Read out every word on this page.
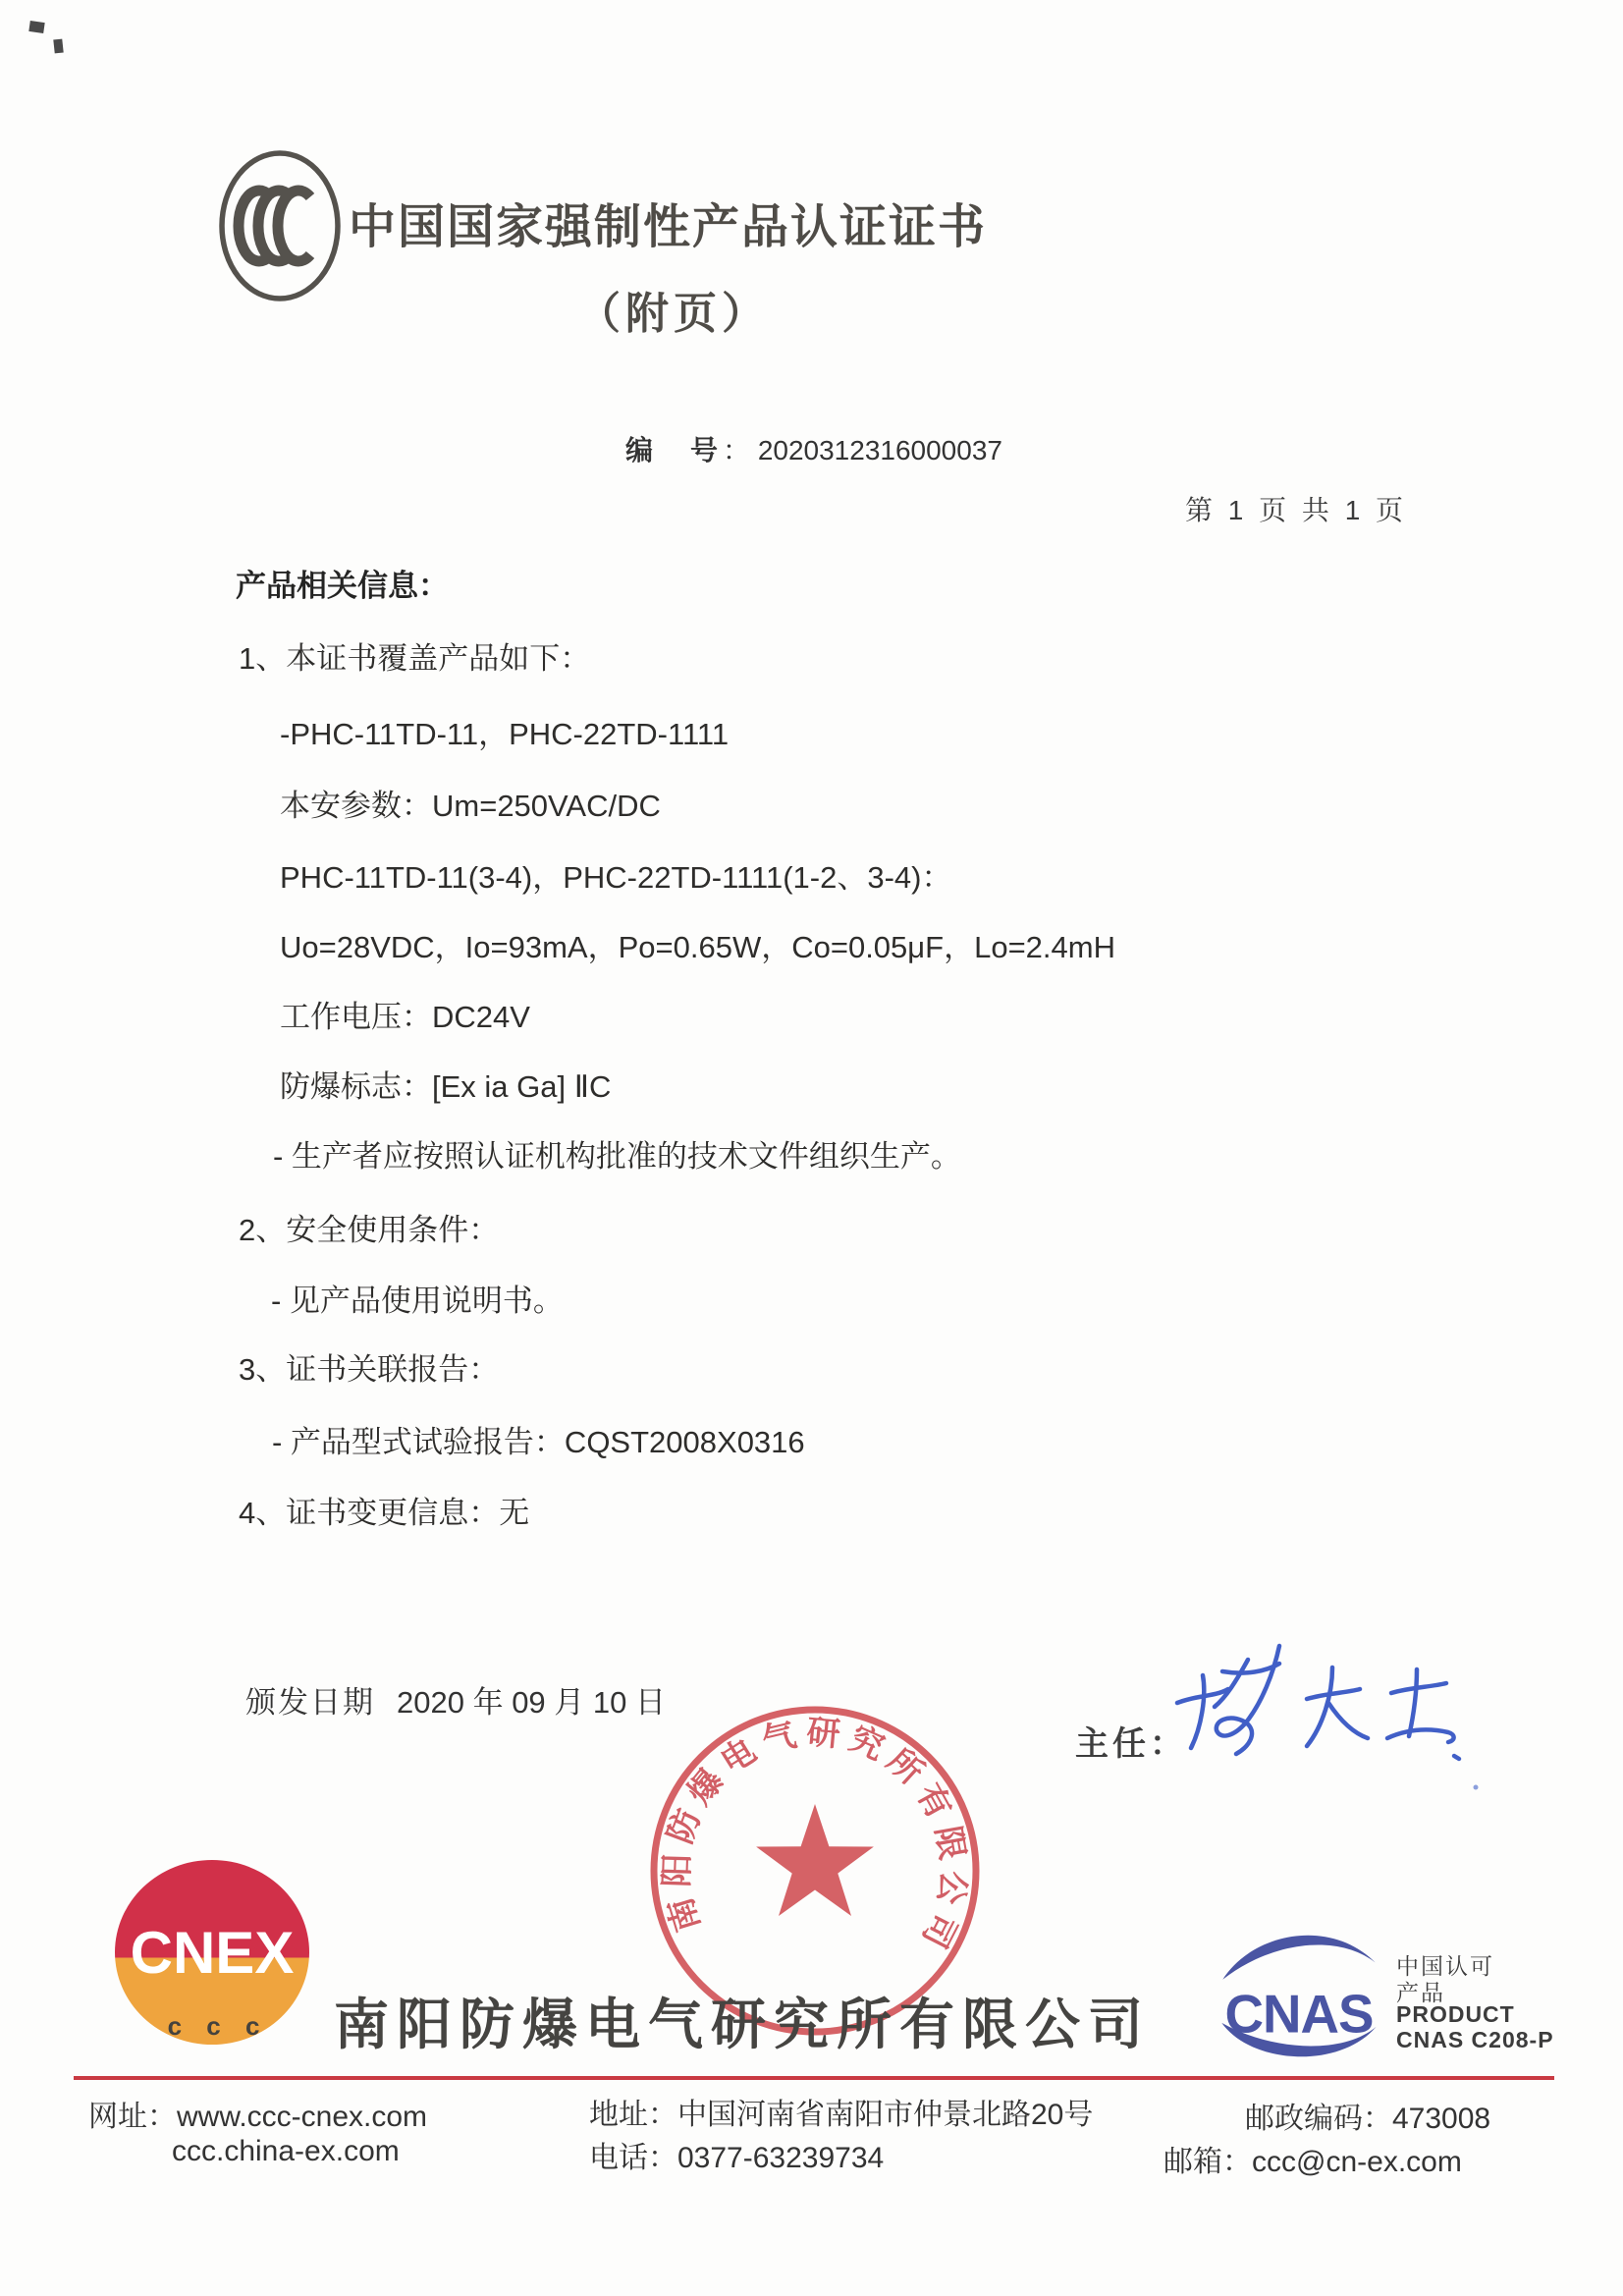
中国国家强制性产品认证证书
（附页）
编　号： 2020312316000037
第 1 页 共 1 页
产品相关信息：
1、本证书覆盖产品如下：
-PHC-11TD-11，PHC-22TD-1111
本安参数：Um=250VAC/DC
PHC-11TD-11(3-4)，PHC-22TD-1111(1-2、3-4)：
Uo=28VDC，Io=93mA，Po=0.65W，Co=0.05μF，Lo=2.4mH
工作电压：DC24V
防爆标志：[Ex ia Ga] ⅡC
- 生产者应按照认证机构批准的技术文件组织生产。
2、安全使用条件：
- 见产品使用说明书。
3、证书关联报告：
- 产品型式试验报告：CQST2008X0316
4、证书变更信息：无
颁发日期 2020 年 09 月 10 日
主任：
南阳防爆电气研究所有限公司
CNEX
c c c 南阳防爆电气研究所有限公司 CNAS
中国认可
产品
PRODUCT
CNAS C208-P
网址：www.ccc-cnex.com
ccc.china-ex.com
地址：中国河南省南阳市仲景北路20号
电话：0377-63239734
邮政编码：473008
邮箱：ccc@cn-ex.com
